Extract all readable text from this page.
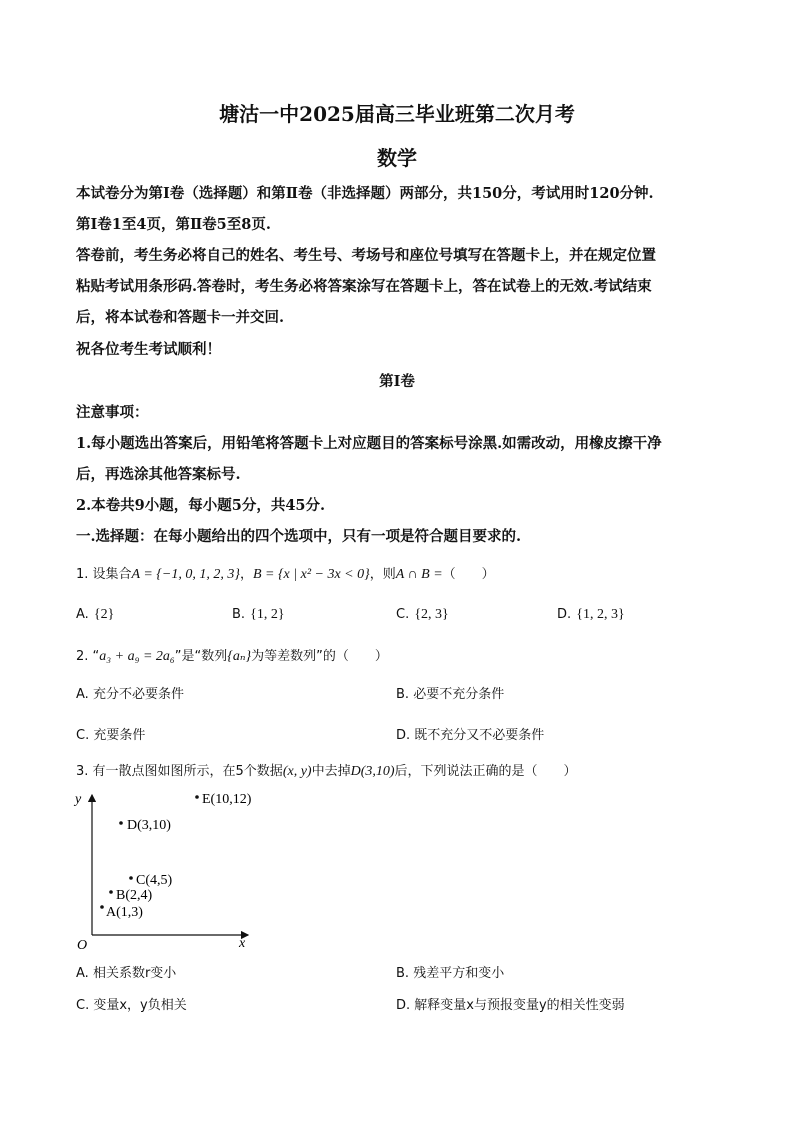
塘沽一中2025届高三毕业班第二次月考
数学
本试卷分为第Ⅰ卷（选择题）和第Ⅱ卷（非选择题）两部分，共150分，考试用时120分钟.
第Ⅰ卷1至4页，第Ⅱ卷5至8页.
答卷前，考生务必将自己的姓名、考生号、考场号和座位号填写在答题卡上，并在规定位置
粘贴考试用条形码.答卷时，考生务必将答案涂写在答题卡上，答在试卷上的无效.考试结束
后，将本试卷和答题卡一并交回.
祝各位考生考试顺利！
第Ⅰ卷
注意事项：
1.每小题选出答案后，用铅笔将答题卡上对应题目的答案标号涂黑.如需改动，用橡皮擦干净
后，再选涂其他答案标号.
2.本卷共9小题，每小题5分，共45分.
一.选择题：在每小题给出的四个选项中，只有一项是符合题目要求的.
1. 设集合A = {−1, 0, 1, 2, 3}，B = {x | x² − 3x < 0}，则A ∩ B =（　　）
A. {2}	B. {1, 2}	C. {2, 3}	D. {1, 2, 3}
2. “a₃ + a₉ = 2a₆”是“数列{aₙ}为等差数列”的（　　）
A. 充分不必要条件	B. 必要不充分条件
C. 充要条件	D. 既不充分又不必要条件
3. 有一散点图如图所示，在5个数据(x, y)中去掉D(3,10)后，下列说法正确的是（　　）
y
x
O
A(1,3)
B(2,4)
C(4,5)
D(3,10)
E(10,12)
A. 相关系数r变小	B. 残差平方和变小
C. 变量x，y负相关	D. 解释变量x与预报变量y的相关性变弱
